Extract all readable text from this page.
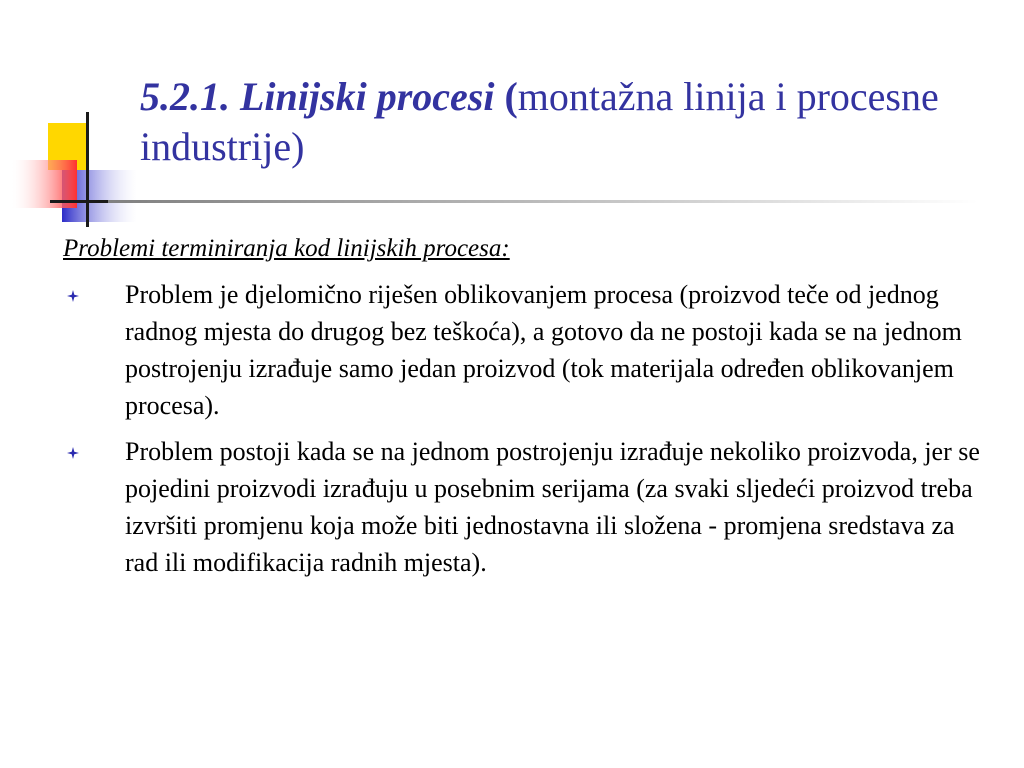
5.2.1. Linijski procesi (montažna linija i procesne industrije)

Problemi terminiranja kod linijskih procesa:

Problem je djelomično riješen oblikovanjem procesa (proizvod teče od jednog radnog mjesta do drugog bez teškoća), a gotovo da ne postoji kada se na jednom postrojenju izrađuje samo jedan proizvod (tok materijala određen oblikovanjem procesa).
Problem postoji kada se na jednom postrojenju izrađuje nekoliko proizvoda, jer se pojedini proizvodi izrađuju u posebnim serijama (za svaki sljedeći proizvod treba izvršiti promjenu koja može biti jednostavna ili složena - promjena sredstava za rad ili modifikacija radnih mjesta).
